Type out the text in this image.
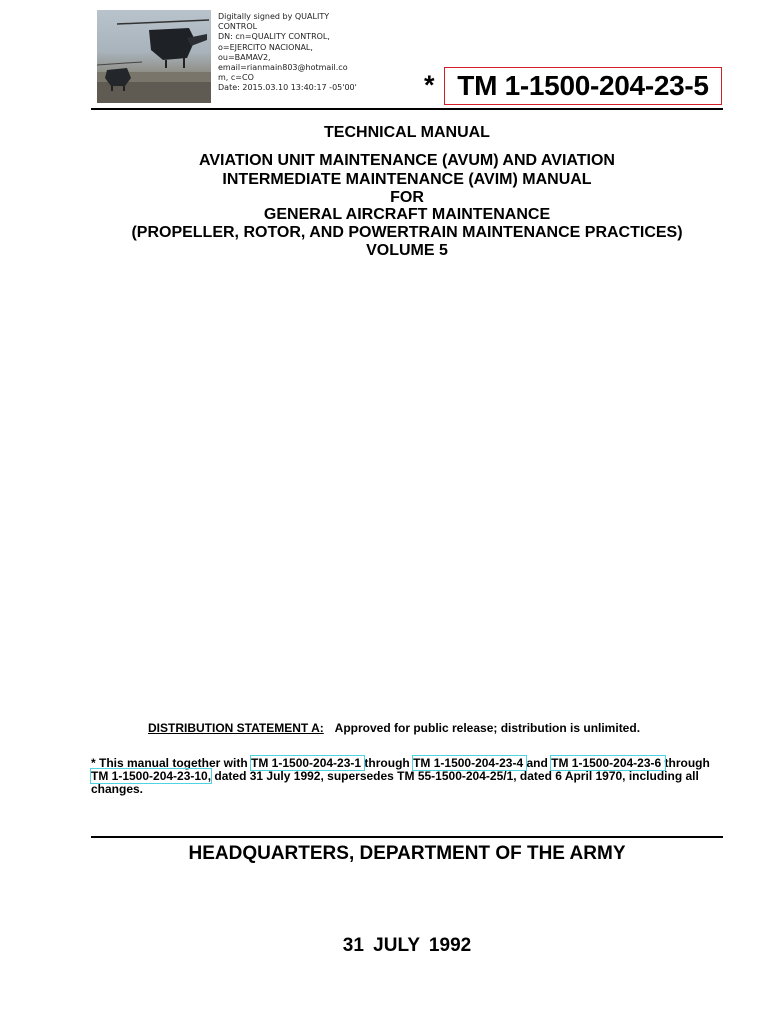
Digitally signed by QUALITY
CONTROL
DN: cn=QUALITY CONTROL,
o=EJERCITO NACIONAL,
ou=BAMAV2,
email=rianmain803@hotmail.co
m, c=CO
Date: 2015.03.10 13:40:17 -05'00' * TM 1-1500-204-23-5
TECHNICAL MANUAL
AVIATION UNIT MAINTENANCE (AVUM) AND AVIATION
INTERMEDIATE MAINTENANCE (AVIM) MANUAL
FOR
GENERAL AIRCRAFT MAINTENANCE
(PROPELLER, ROTOR, AND POWERTRAIN MAINTENANCE PRACTICES)
VOLUME 5
DISTRIBUTION STATEMENT A: Approved for public release; distribution is unlimited.
* This manual together with TM 1-1500-204-23-1 through TM 1-1500-204-23-4 and TM 1-1500-204-23-6 through
TM 1-1500-204-23-10, dated 31 July 1992, supersedes TM 55-1500-204-25/1, dated 6 April 1970, including all
changes.
HEADQUARTERS, DEPARTMENT OF THE ARMY
31 JULY 1992
